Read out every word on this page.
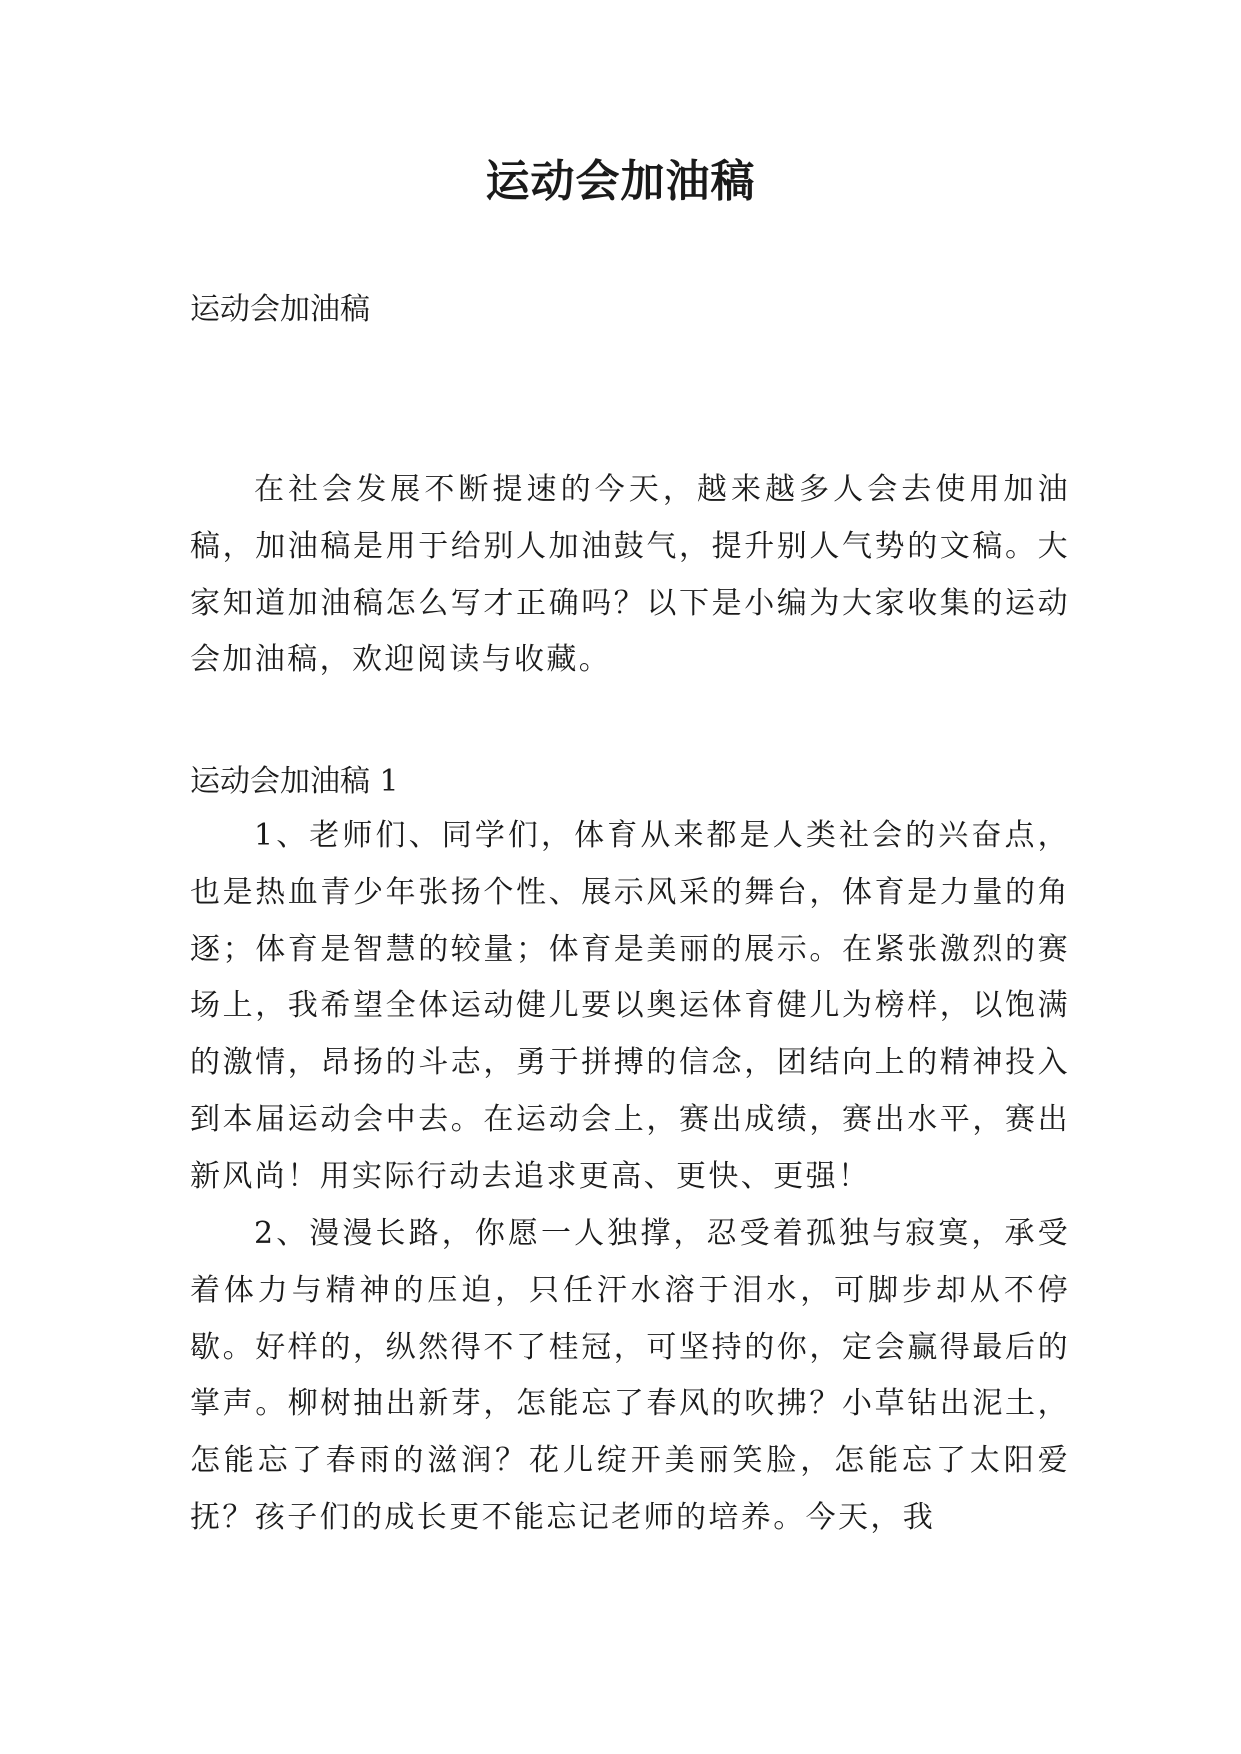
运动会加油稿

运动会加油稿

在社会发展不断提速的今天，越来越多人会去使用加油稿，加油稿是用于给别人加油鼓气，提升别人气势的文稿。大家知道加油稿怎么写才正确吗？以下是小编为大家收集的运动会加油稿，欢迎阅读与收藏。

运动会加油稿 1

1、老师们、同学们，体育从来都是人类社会的兴奋点，也是热血青少年张扬个性、展示风采的舞台，体育是力量的角逐；体育是智慧的较量；体育是美丽的展示。在紧张激烈的赛场上，我希望全体运动健儿要以奥运体育健儿为榜样，以饱满的激情，昂扬的斗志，勇于拼搏的信念，团结向上的精神投入到本届运动会中去。在运动会上，赛出成绩，赛出水平，赛出新风尚！用实际行动去追求更高、更快、更强！

2、漫漫长路，你愿一人独撑，忍受着孤独与寂寞，承受着体力与精神的压迫，只任汗水溶于泪水，可脚步却从不停歇。好样的，纵然得不了桂冠，可坚持的你，定会赢得最后的掌声。柳树抽出新芽，怎能忘了春风的吹拂？小草钻出泥土，怎能忘了春雨的滋润？花儿绽开美丽笑脸，怎能忘了太阳爱抚？孩子们的成长更不能忘记老师的培养。今天，我
